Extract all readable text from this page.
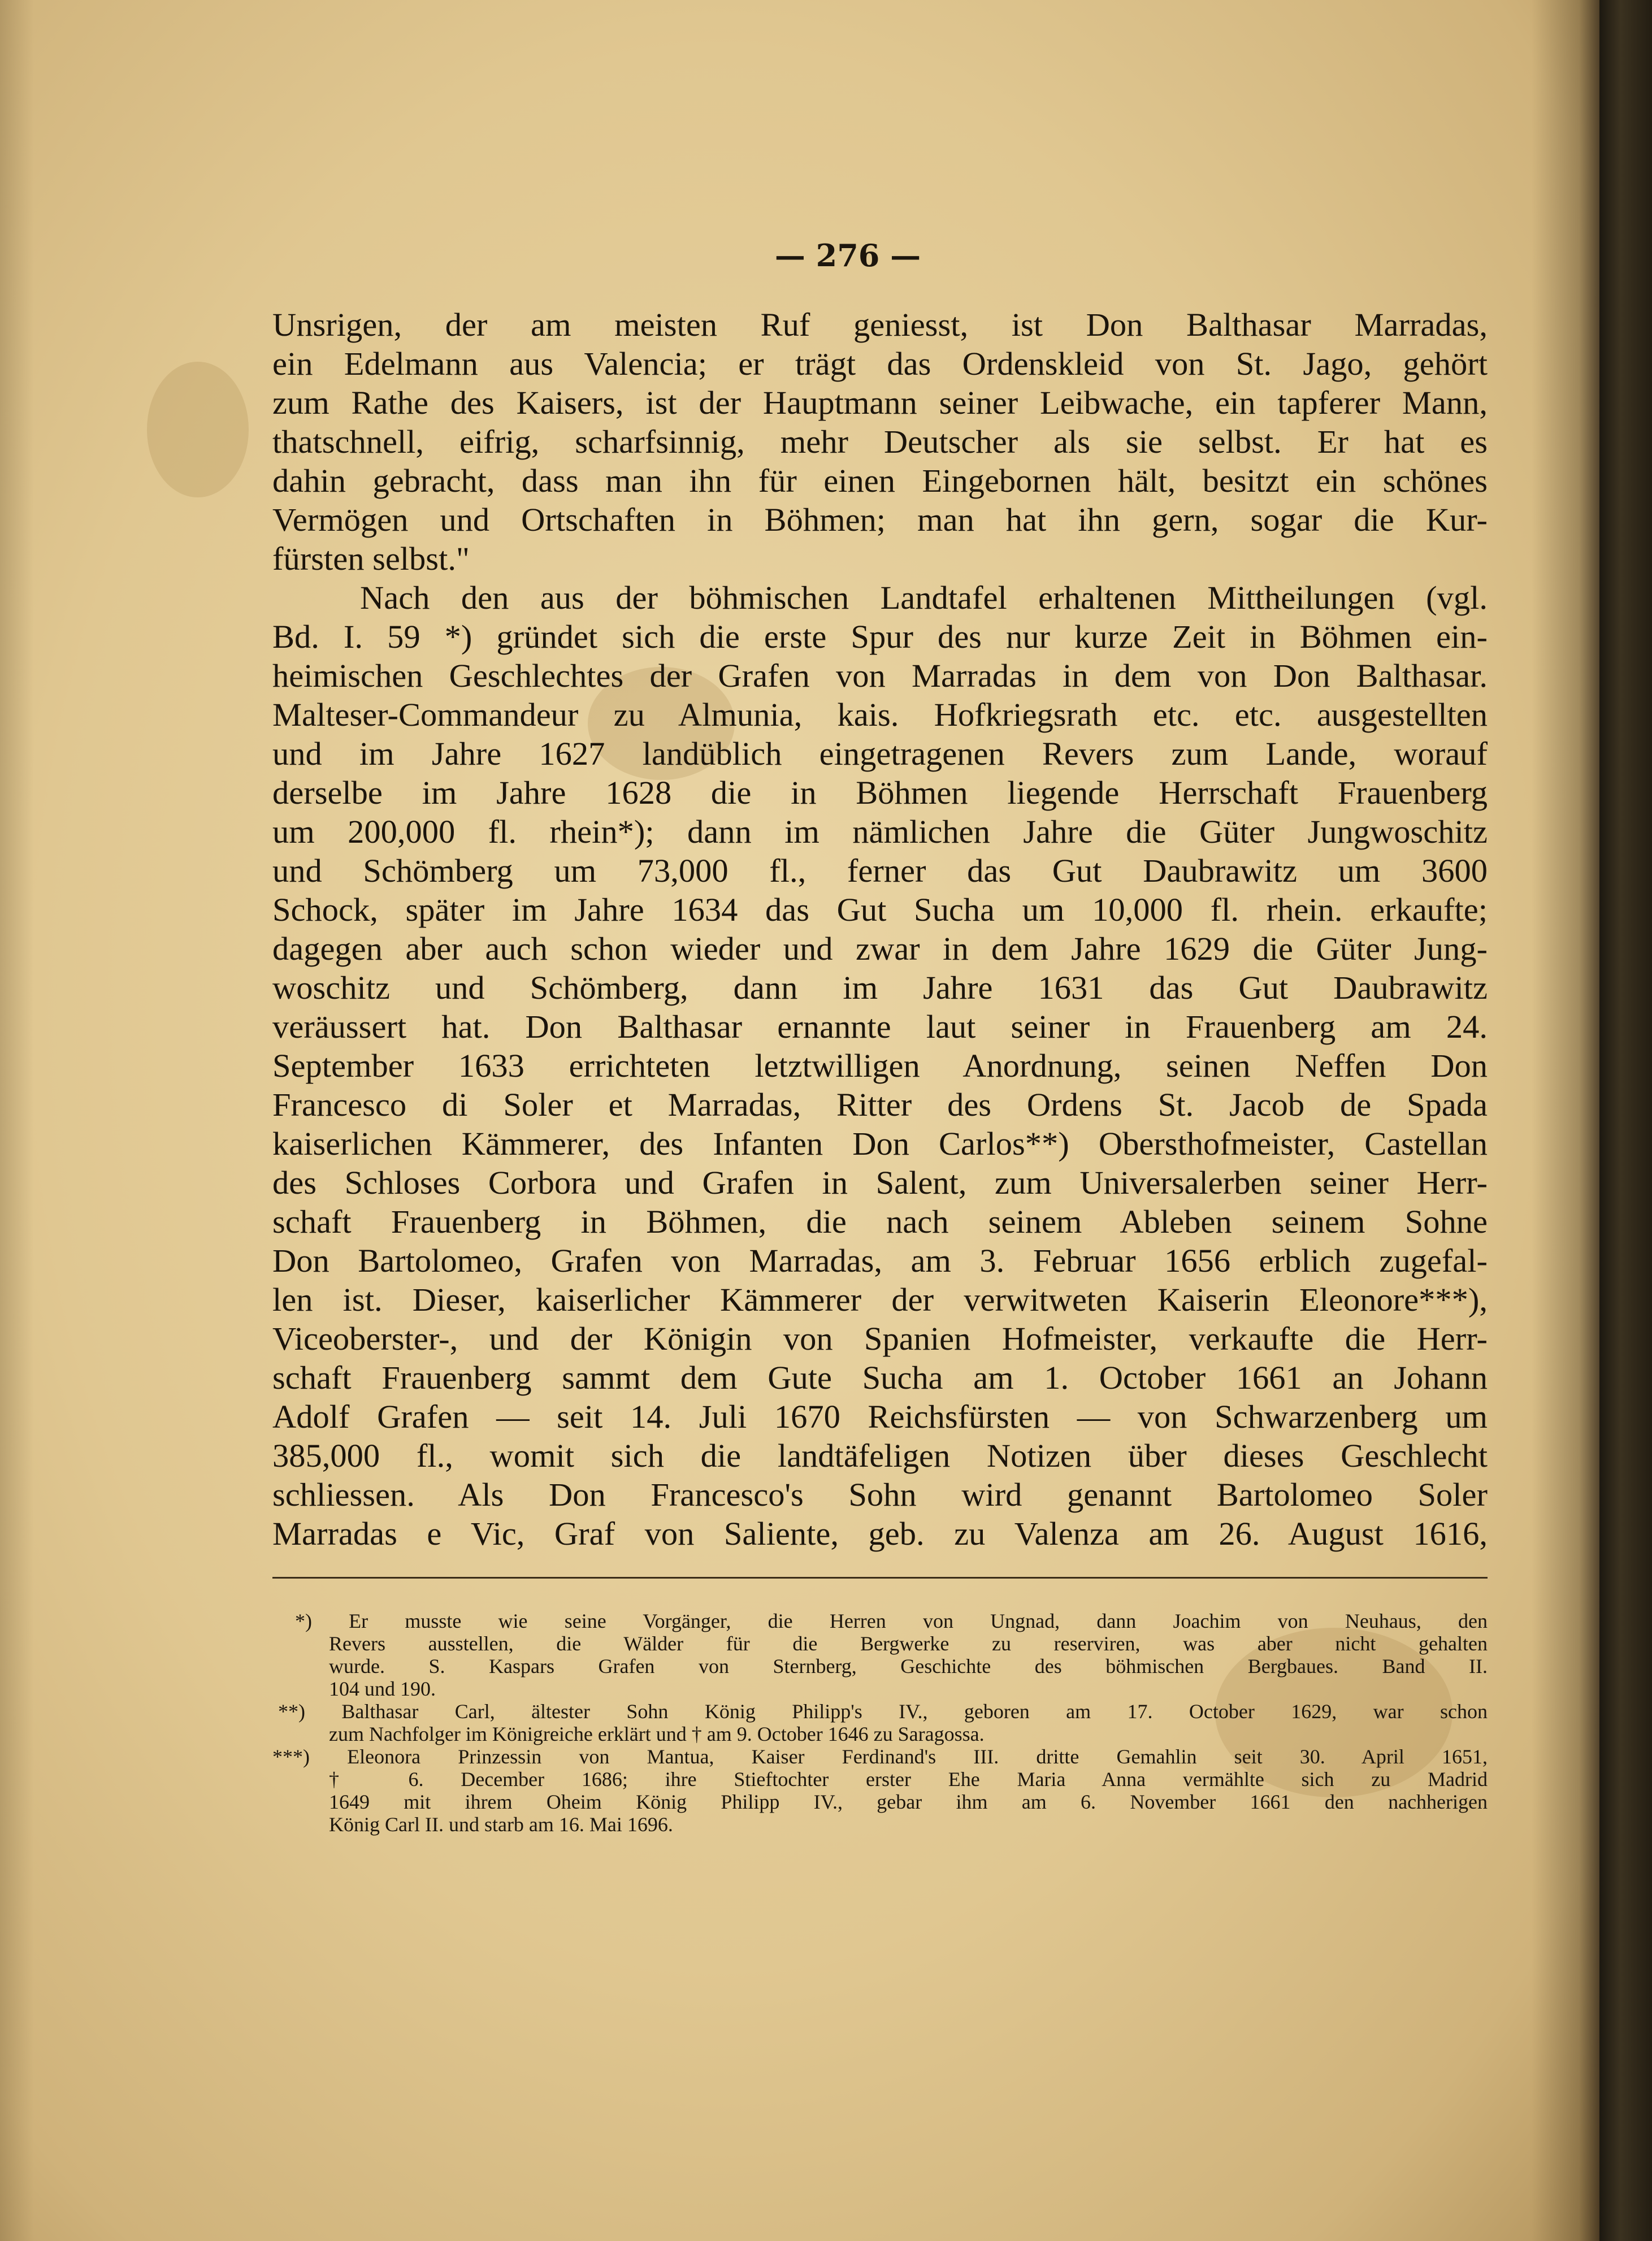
— 276 —
Unsrigen, der am meisten Ruf geniesst, ist Don Balthasar Marradas,
ein Edelmann aus Valencia; er trägt das Ordenskleid von St. Jago, gehört
zum Rathe des Kaisers, ist der Hauptmann seiner Leibwache, ein tapferer Mann,
thatschnell, eifrig, scharfsinnig, mehr Deutscher als sie selbst. Er hat es
dahin gebracht, dass man ihn für einen Eingebornen hält, besitzt ein schönes
Vermögen und Ortschaften in Böhmen; man hat ihn gern, sogar die Kur-
fürsten selbst."
Nach den aus der böhmischen Landtafel erhaltenen Mittheilungen (vgl.
Bd. I. 59 *) gründet sich die erste Spur des nur kurze Zeit in Böhmen ein-
heimischen Geschlechtes der Grafen von Marradas in dem von Don Balthasar.
Malteser-Commandeur zu Almunia, kais. Hofkriegsrath etc. etc. ausgestellten
und im Jahre 1627 landüblich eingetragenen Revers zum Lande, worauf
derselbe im Jahre 1628 die in Böhmen liegende Herrschaft Frauenberg
um 200,000 fl. rhein*); dann im nämlichen Jahre die Güter Jungwoschitz
und Schömberg um 73,000 fl., ferner das Gut Daubrawitz um 3600
Schock, später im Jahre 1634 das Gut Sucha um 10,000 fl. rhein. erkaufte;
dagegen aber auch schon wieder und zwar in dem Jahre 1629 die Güter Jung-
woschitz und Schömberg, dann im Jahre 1631 das Gut Daubrawitz
veräussert hat. Don Balthasar ernannte laut seiner in Frauenberg am 24.
September 1633 errichteten letztwilligen Anordnung, seinen Neffen Don
Francesco di Soler et Marradas, Ritter des Ordens St. Jacob de Spada
kaiserlichen Kämmerer, des Infanten Don Carlos**) Obersthofmeister, Castellan
des Schloses Corbora und Grafen in Salent, zum Universalerben seiner Herr-
schaft Frauenberg in Böhmen, die nach seinem Ableben seinem Sohne
Don Bartolomeo, Grafen von Marradas, am 3. Februar 1656 erblich zugefal-
len ist. Dieser, kaiserlicher Kämmerer der verwitweten Kaiserin Eleonore***),
Viceoberster-, und der Königin von Spanien Hofmeister, verkaufte die Herr-
schaft Frauenberg sammt dem Gute Sucha am 1. October 1661 an Johann
Adolf Grafen — seit 14. Juli 1670 Reichsfürsten — von Schwarzenberg um
385,000 fl., womit sich die landtäfeligen Notizen über dieses Geschlecht
schliessen. Als Don Francesco's Sohn wird genannt Bartolomeo Soler
Marradas e Vic, Graf von Saliente, geb. zu Valenza am 26. August 1616,
*) Er musste wie seine Vorgänger, die Herren von Ungnad, dann Joachim von Neuhaus, den
Revers ausstellen, die Wälder für die Bergwerke zu reserviren, was aber nicht gehalten
wurde. S. Kaspars Grafen von Sternberg, Geschichte des böhmischen Bergbaues. Band II.
104 und 190.
**) Balthasar Carl, ältester Sohn König Philipp's IV., geboren am 17. October 1629, war schon
zum Nachfolger im Königreiche erklärt und † am 9. October 1646 zu Saragossa.
***) Eleonora Prinzessin von Mantua, Kaiser Ferdinand's III. dritte Gemahlin seit 30. April 1651,
† 6. December 1686; ihre Stieftochter erster Ehe Maria Anna vermählte sich zu Madrid
1649 mit ihrem Oheim König Philipp IV., gebar ihm am 6. November 1661 den nachherigen
König Carl II. und starb am 16. Mai 1696.
